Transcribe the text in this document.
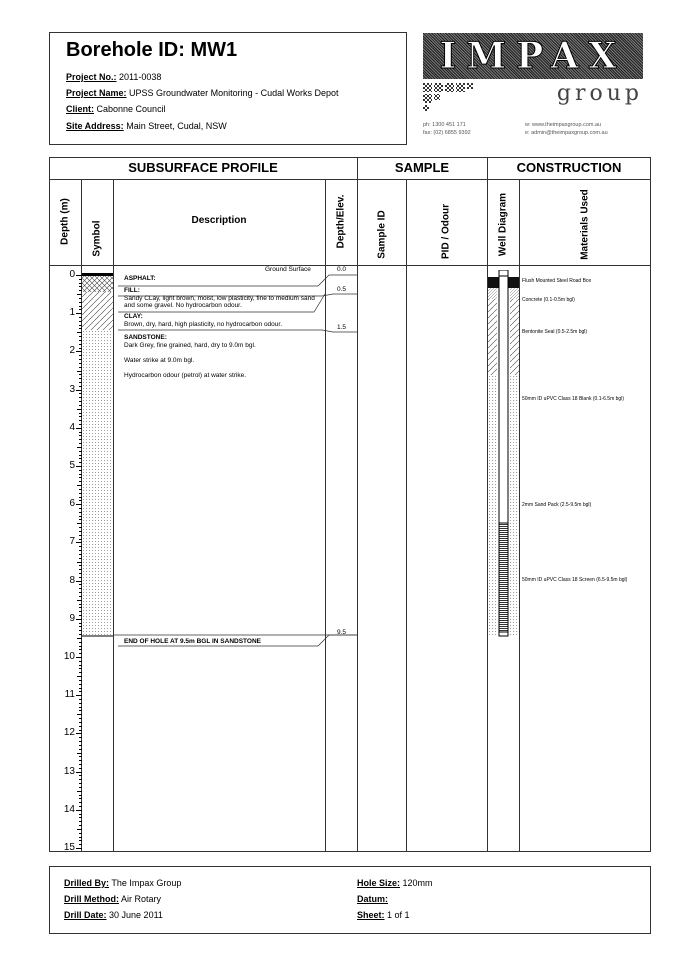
Borehole ID: MW1
Project No.: 2011-0038
Project Name: UPSS Groundwater Monitoring - Cudal Works Depot
Client: Cabonne Council
Site Address: Main Street, Cudal, NSW
IMPAX
group
ph: 1300 451 171
fax: (02) 6855 9392
w: www.theimpaxgroup.com.au
e: admin@theimpaxgroup.com.au
SUBSURFACE PROFILE	SAMPLE	CONSTRUCTION
Depth (m) Symbol	Description	Depth/Elev.	Sample ID	PID / Odour	Well Diagram	Materials Used
0
1
2
3
4
5
6
7
8
9
10
11
12
13
14
15
Ground Surface	0.0
0.5
1.5
9.5
ASPHALT:
FILL:
Sandy CLay, light brown, moist, low plasticity, fine to medium sand and some gravel. No hydrocarbon odour.
CLAY:
Brown, dry, hard, high plasticity, no hydrocarbon odour.
SANDSTONE:
Dark Grey, fine grained, hard, dry to 9.0m bgl.

Water strike at 9.0m bgl.

Hydrocarbon odour (petrol) at water strike.
END OF HOLE AT 9.5m BGL IN SANDSTONE
Flush Mounted Steel Road Box
Concrete (0.1-0.5m bgl)
Bentonite Seal (0.5-2.5m bgl)
50mm ID uPVC Class 18 Blank (0.1-6.5m bgl)
2mm Sand Pack (2.5-9.5m bgl)
50mm ID uPVC Class 18 Screen (6.5-9.5m bgl)
Drilled By: The Impax Group
Drill Method: Air Rotary
Drill Date: 30 June 2011
Hole Size: 120mm
Datum:
Sheet: 1 of 1
